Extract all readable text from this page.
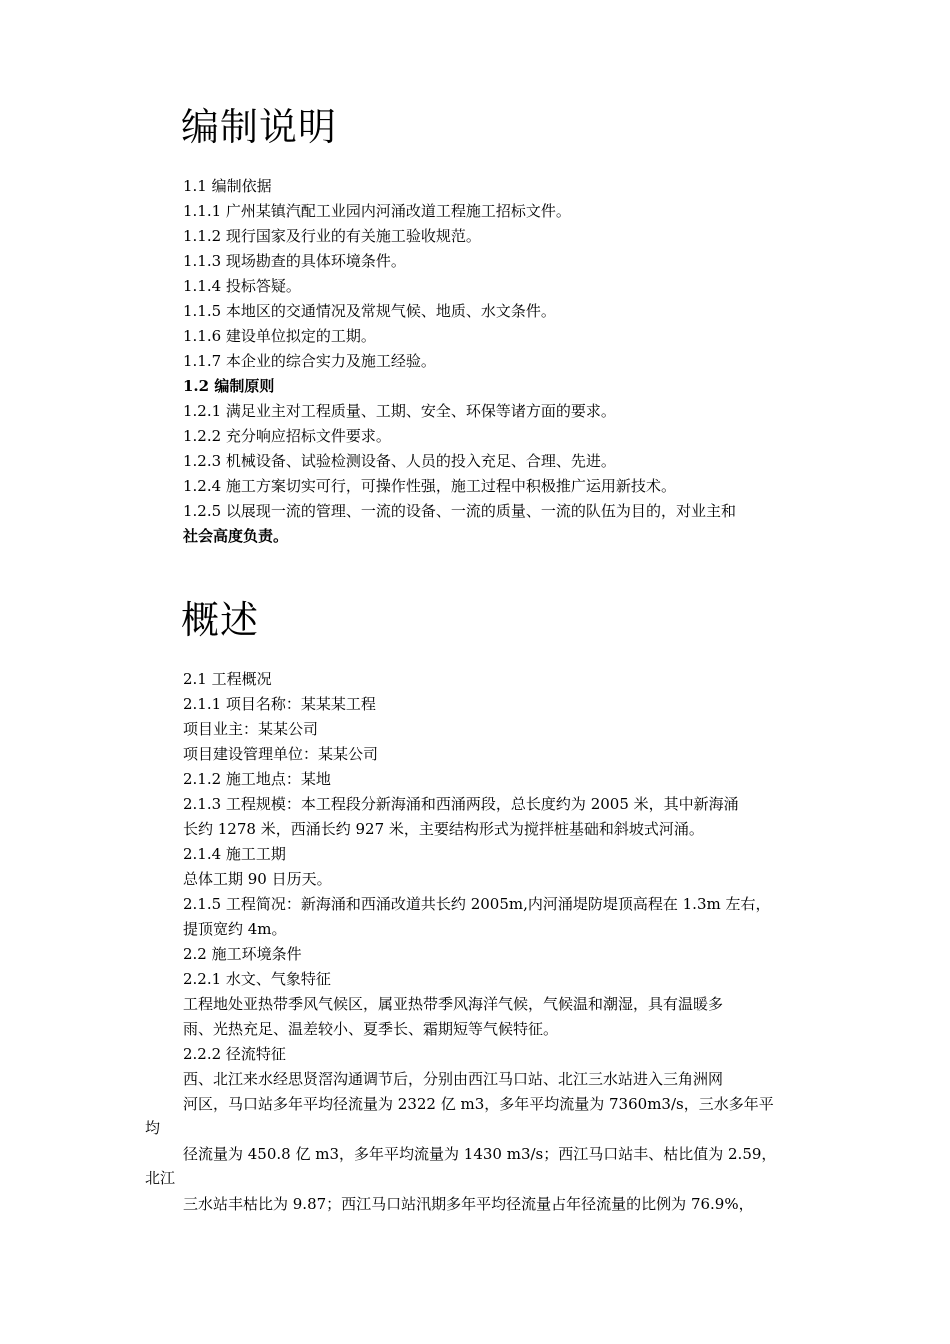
编制说明

1.1 编制依据

1.1.1 广州某镇汽配工业园内河涌改道工程施工招标文件。

1.1.2 现行国家及行业的有关施工验收规范。

1.1.3 现场勘查的具体环境条件。

1.1.4 投标答疑。

1.1.5 本地区的交通情况及常规气候、地质、水文条件。

1.1.6 建设单位拟定的工期。

1.1.7 本企业的综合实力及施工经验。

1.2 编制原则

1.2.1 满足业主对工程质量、工期、安全、环保等诸方面的要求。

1.2.2 充分响应招标文件要求。

1.2.3 机械设备、试验检测设备、人员的投入充足、合理、先进。

1.2.4 施工方案切实可行，可操作性强，施工过程中积极推广运用新技术。

1.2.5 以展现一流的管理、一流的设备、一流的质量、一流的队伍为目的，对业主和

社会高度负责。

概述

2.1 工程概况

2.1.1 项目名称：某某某工程

项目业主：某某公司

项目建设管理单位：某某公司

2.1.2 施工地点：某地

2.1.3 工程规模：本工程段分新海涌和西涌两段，总长度约为 2005 米，其中新海涌

长约 1278 米，西涌长约 927 米，主要结构形式为搅拌桩基础和斜坡式河涌。

2.1.4 施工工期

总体工期 90 日历天。

2.1.5 工程简况：新海涌和西涌改道共长约 2005m,内河涌堤防堤顶高程在 1.3m 左右，

提顶宽约 4m。

2.2 施工环境条件

2.2.1 水文、气象特征

工程地处亚热带季风气候区，属亚热带季风海洋气候，气候温和潮湿，具有温暖多

雨、光热充足、温差较小、夏季长、霜期短等气候特征。

2.2.2 径流特征

西、北江来水经思贤滘沟通调节后，分别由西江马口站、北江三水站进入三角洲网

河区，马口站多年平均径流量为 2322 亿 m3，多年平均流量为 7360m3/s，三水多年平

均

径流量为 450.8 亿 m3，多年平均流量为 1430 m3/s；西江马口站丰、枯比值为 2.59，

北江

三水站丰枯比为 9.87；西江马口站汛期多年平均径流量占年径流量的比例为 76.9%，
